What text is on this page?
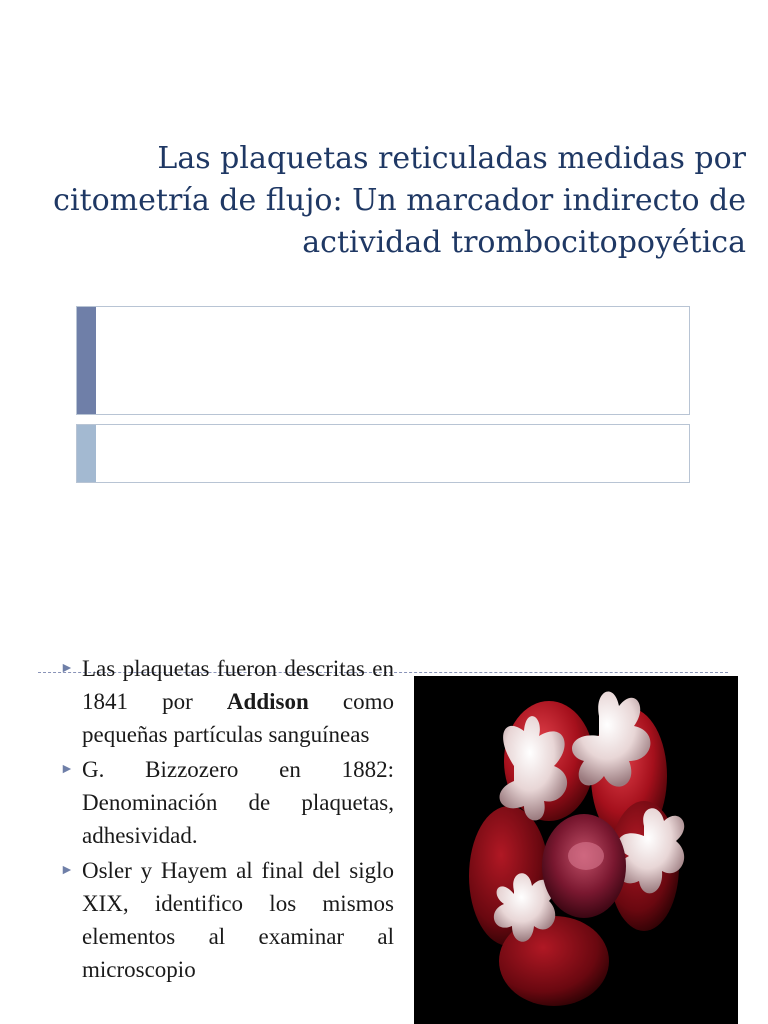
Las plaquetas reticuladas medidas por citometría de flujo: Un marcador indirecto de actividad trombocitopoyética
► Las plaquetas fueron descritas en 1841 por Addison como pequeñas partículas sanguíneas
► G. Bizzozero en 1882: Denominación de plaquetas, adhesividad.
► Osler y Hayem al final del siglo XIX, identifico los mismos elementos al examinar al microscopio
